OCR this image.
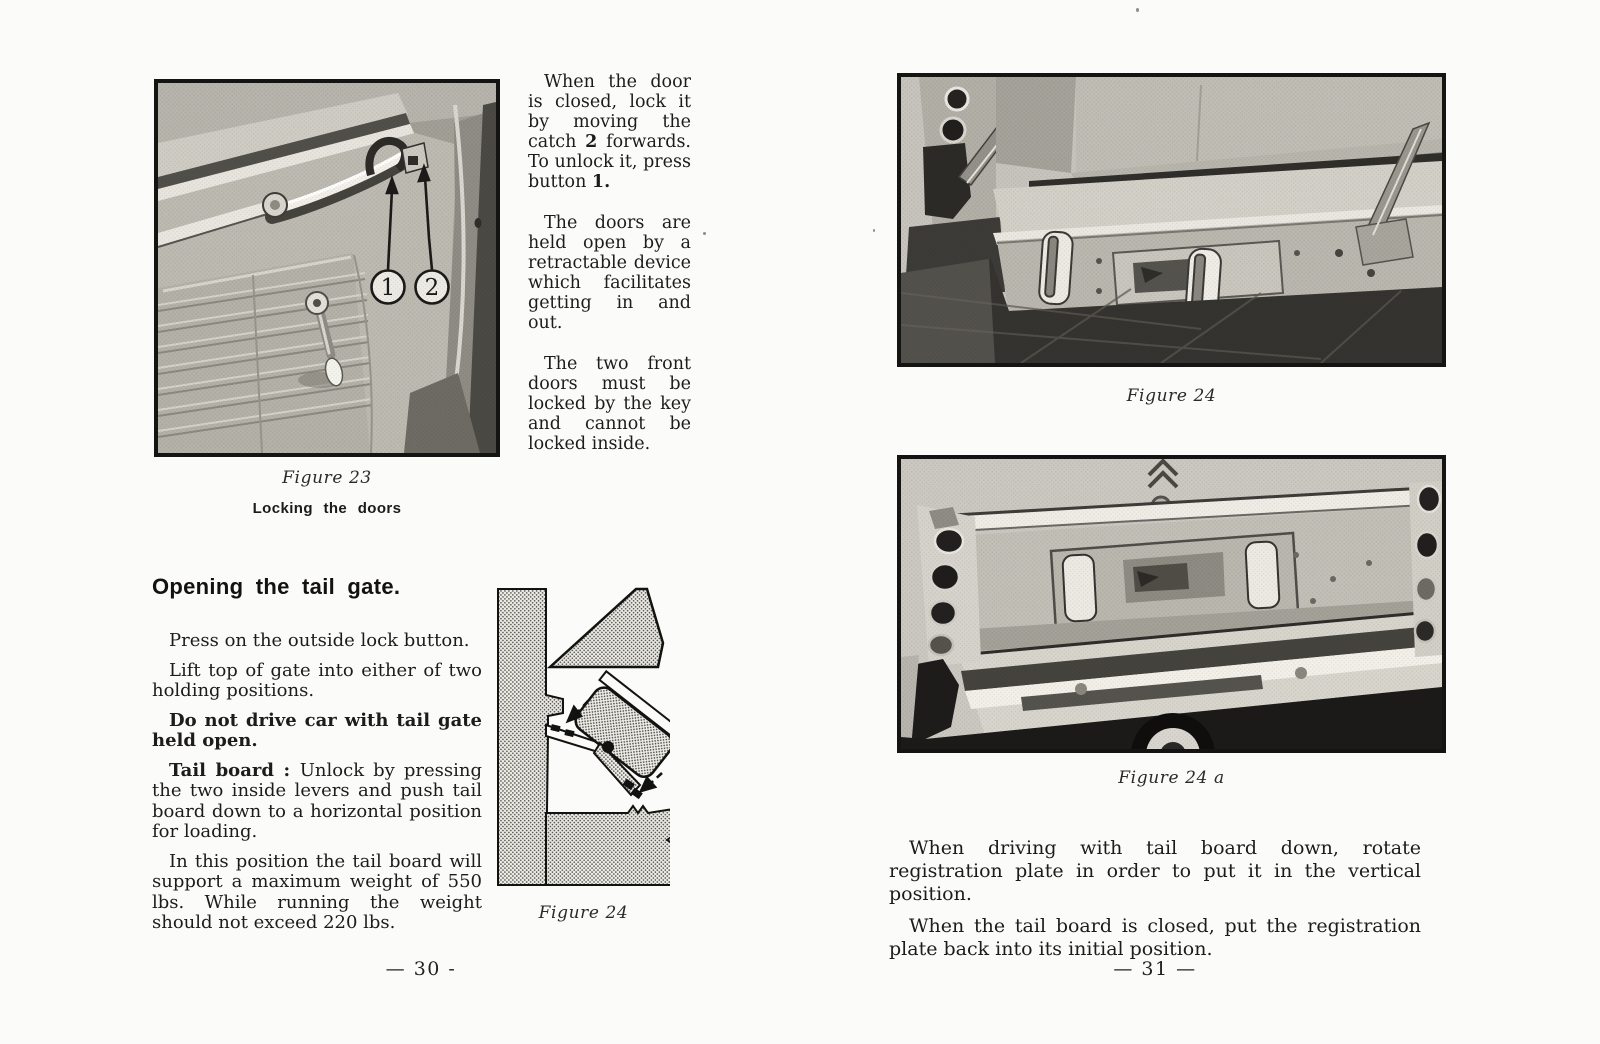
1 2

When the door is closed, lock it by moving the catch 2 forwards. To unlock it, press button 1.

The doors are held open by a retractable device which facilitates getting in and out.

The two front doors must be locked by the key and cannot be locked inside.

Figure 23
Locking the doors
Opening the tail gate.

Press on the outside lock button.

Lift top of gate into either of two holding positions.

Do not drive car with tail gate held open.

Tail board : Unlock by pressing the two inside levers and push tail board down to a horizontal position for loading.

In this position the tail board will support a maximum weight of 550 lbs. While running the weight should not exceed 220 lbs.	Figure 24
— 30 -
Figure 24
Figure 24 a

When driving with tail board down, rotate registration plate in order to put it in the vertical position.

When the tail board is closed, put the registration plate back into its initial position.

— 31 —
